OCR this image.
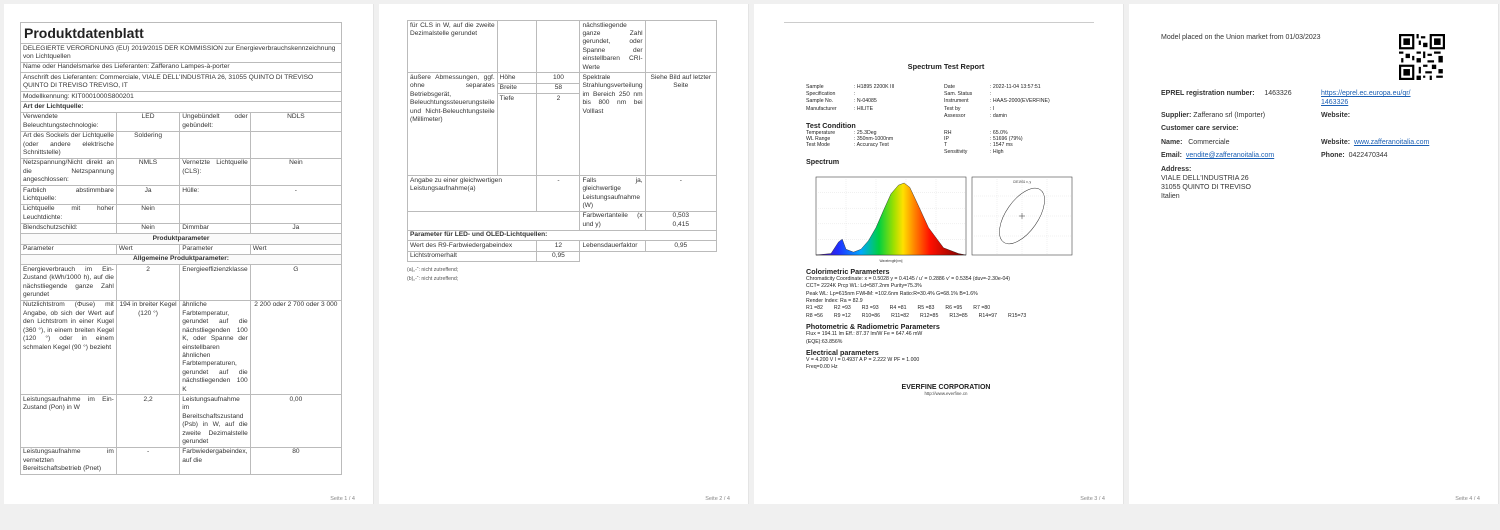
Produktdatenblatt
DELEGIERTE VERORDNUNG (EU) 2019/2015 DER KOMMISSION zur Energieverbrauchskennzeichnung von Lichtquellen			
Name oder Handelsmarke des Lieferanten: Zafferano Lampes-à-porter			
Anschrift des Lieferanten: Commerciale, VIALE DELL'INDUSTRIA 26, 31055 QUINTO DI TREVISO QUINTO DI TREVISO TREVISO, IT			
Modellkennung: KIT0001000S800201			
Art der Lichtquelle:			
Verwendete Beleuchtungstechnologie:	LED	Ungebündelt oder gebündelt:	NDLS
Art des Sockels der Lichtquelle (oder andere elektrische Schnittstelle)	Soldering		
Netzspannung/Nicht direkt an die Netzspannung angeschlossen:	NMLS	Vernetzte Lichtquelle (CLS):	Nein
Farblich abstimmbare Lichtquelle:	Ja	Hülle:	-
Lichtquelle mit hoher Leuchtdichte:	Nein		
Blendschutzschild:	Nein	Dimmbar	Ja
Produktparameter			
Parameter	Wert	Parameter	Wert
Allgemeine Produktparameter:			
Energieverbrauch im Ein-Zustand (kWh/1000 h), auf die nächstliegende ganze Zahl gerundet	2	Energieeffizienzklasse	G
Nutzlichtstrom (Φuse) mit Angabe, ob sich der Wert auf den Lichtstrom in einer Kugel (360 °), in einem breiten Kegel (120 °) oder in einem schmalen Kegel (90 °) bezieht	194 in breiter Kegel (120 °)	ähnliche Farbtemperatur, gerundet auf die nächstliegenden 100 K, oder Spanne der einstellbaren ähnlichen Farbtemperaturen, gerundet auf die nächstliegenden 100 K	2 200 oder 2 700 oder 3 000
Leistungsaufnahme im Ein-Zustand (Pon) in W	2,2	Leistungsaufnahme im Bereitschaftszustand (Psb) in W, auf die zweite Dezimalstelle gerundet	0,00
Leistungsaufnahme im vernetzten Bereitschaftsbetrieb (Pnet)	-	Farbwiedergabeindex, auf die	80
Seite 1 / 4
für CLS in W, auf die zweite Dezimalstelle gerundet			nächstliegende ganze Zahl gerundet, oder Spanne der einstellbaren CRI-Werte	
äußere Abmessungen, ggf. ohne separates Betriebsgerät, Beleuchtungssteuerungsteile und Nicht-Beleuchtungsteile (Millimeter)	Höhe	100	Spektrale Strahlungsverteilung im Bereich 250 nm bis 800 nm bei Volllast	Siehe Bild auf letzter Seite
	Breite	58		
	Tiefe	2		
Angabe zu einer gleichwertigen Leistungsaufnahme(a)		-	Falls ja, gleichwertige Leistungsaufnahme (W)	-
			Farbwertanteile (x und y)	0,503
0,415
Parameter für LED- und OLED-Lichtquellen:				
Wert des R9-Farbwiedergabeindex		12	Lebensdauerfaktor	0,95
Lichtstromerhalt		0,95		
(a)„-“: nicht zutreffend;
(b)„-“: nicht zutreffend;
Seite 2 / 4
Spectrum Test Report
Sample	: H1895 2200K III	Date	: 2022-11-04 13:57:51
Specification	:	Sam. Status	:
Sample No.	: N-04085	Instrument	: HAAS-2000(EVERFINE)
Manufacturer	: HILITE	Test by	: I
Assessor	: damin
Test Condition
Temperature	: 25.3Deg	RH	: 65.0%
WL Range	: 350nm-1000nm	IP	: 51696 (79%)
Test Mode	: Accuracy Test	T	: 1547 ms
Sensitivity	: High
Spectrum
Wavelength[nm]
CIE1931 x, y
Colorimetric Parameters
Chromaticity Coordinate: x = 0.5028 y = 0.4145 / u' = 0.2886 v' = 0.5354 (duv=-2.30e-04)
CCT= 2224K Prcp WL: Ld=587.2nm Purity=75.3%
Peak WL: Lp=615nm FWHM: =102.6nm Ratio:R=30.4% G=68.1% B=1.6%
Render Index: Ra = 82.9
R1 =82 R2 =93 R3 =93 R4 =81 R5 =83 R6 =95 R7 =80
R8 =56 R9 =12 R10=86 R11=82 R12=85 R13=85 R14=97 R15=73
Photometric & Radiometric Parameters
Flux = 194.11 lm Eff.: 87.37 lm/W Fe = 647.46 mW
(EQE):63.856%
Electrical parameters
V = 4.200 V I = 0.4937 A P = 2.222 W PF = 1.000
Freq=0.00 Hz
EVERFINE CORPORATION
http://www.everfine.cn
Seite 3 / 4
Model placed on the Union market from 01/03/2023
EPREL registration number: 1463326	https://eprel.ec.europa.eu/qr/1463326
Supplier: Zafferano srl (Importer)	Website:
Customer care service:
Name: Commerciale	Website: www.zafferanoitalia.com
Email: vendite@zafferanoitalia.com	Phone: 0422470344
Address:
VIALE DELL'INDUSTRIA 26
31055 QUINTO DI TREVISO
Italien
Seite 4 / 4
